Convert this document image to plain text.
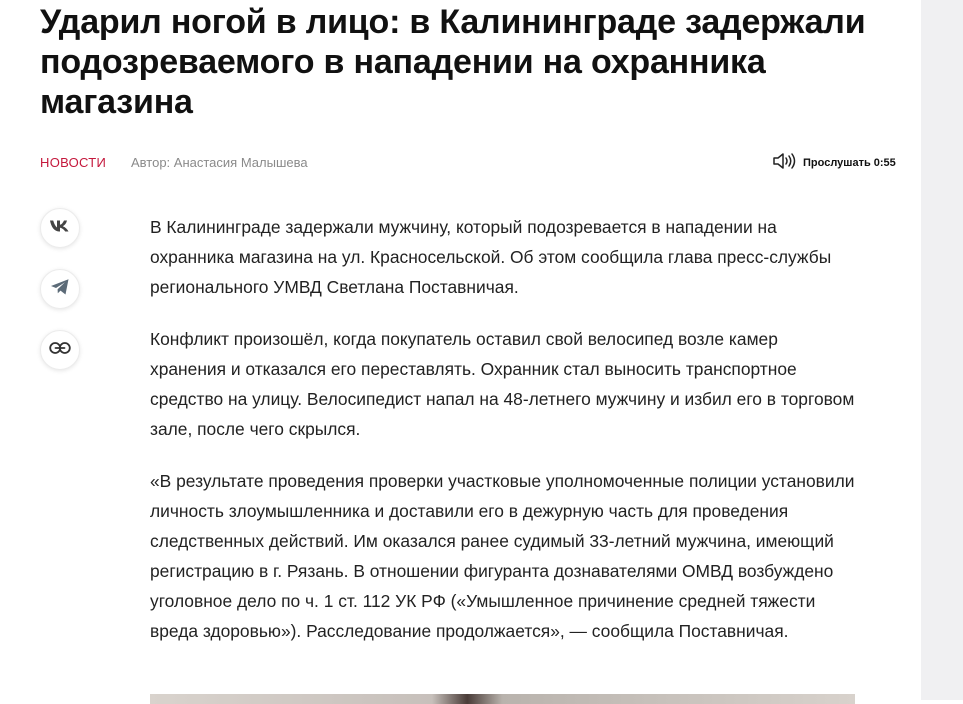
Ударил ногой в лицо: в Калининграде задержали подозреваемого в нападении на охранника магазина
НОВОСТИ Автор: Анастасия Малышева	Прослушать 0:55

В Калининграде задержали мужчину, который подозревается в нападении на охранника магазина на ул. Красносельской. Об этом сообщила глава пресс-службы регионального УМВД Светлана Поставничая.

Конфликт произошёл, когда покупатель оставил свой велосипед возле камер хранения и отказался его переставлять. Охранник стал выносить транспортное средство на улицу. Велосипедист напал на 48-летнего мужчину и избил его в торговом зале, после чего скрылся.

«В результате проведения проверки участковые уполномоченные полиции установили личность злоумышленника и доставили его в дежурную часть для проведения следственных действий. Им оказался ранее судимый 33-летний мужчина, имеющий регистрацию в г. Рязань. В отношении фигуранта дознавателями ОМВД возбуждено уголовное дело по ч. 1 ст. 112 УК РФ («Умышленное причинение средней тяжести вреда здоровью»). Расследование продолжается», — сообщила Поставничая.
